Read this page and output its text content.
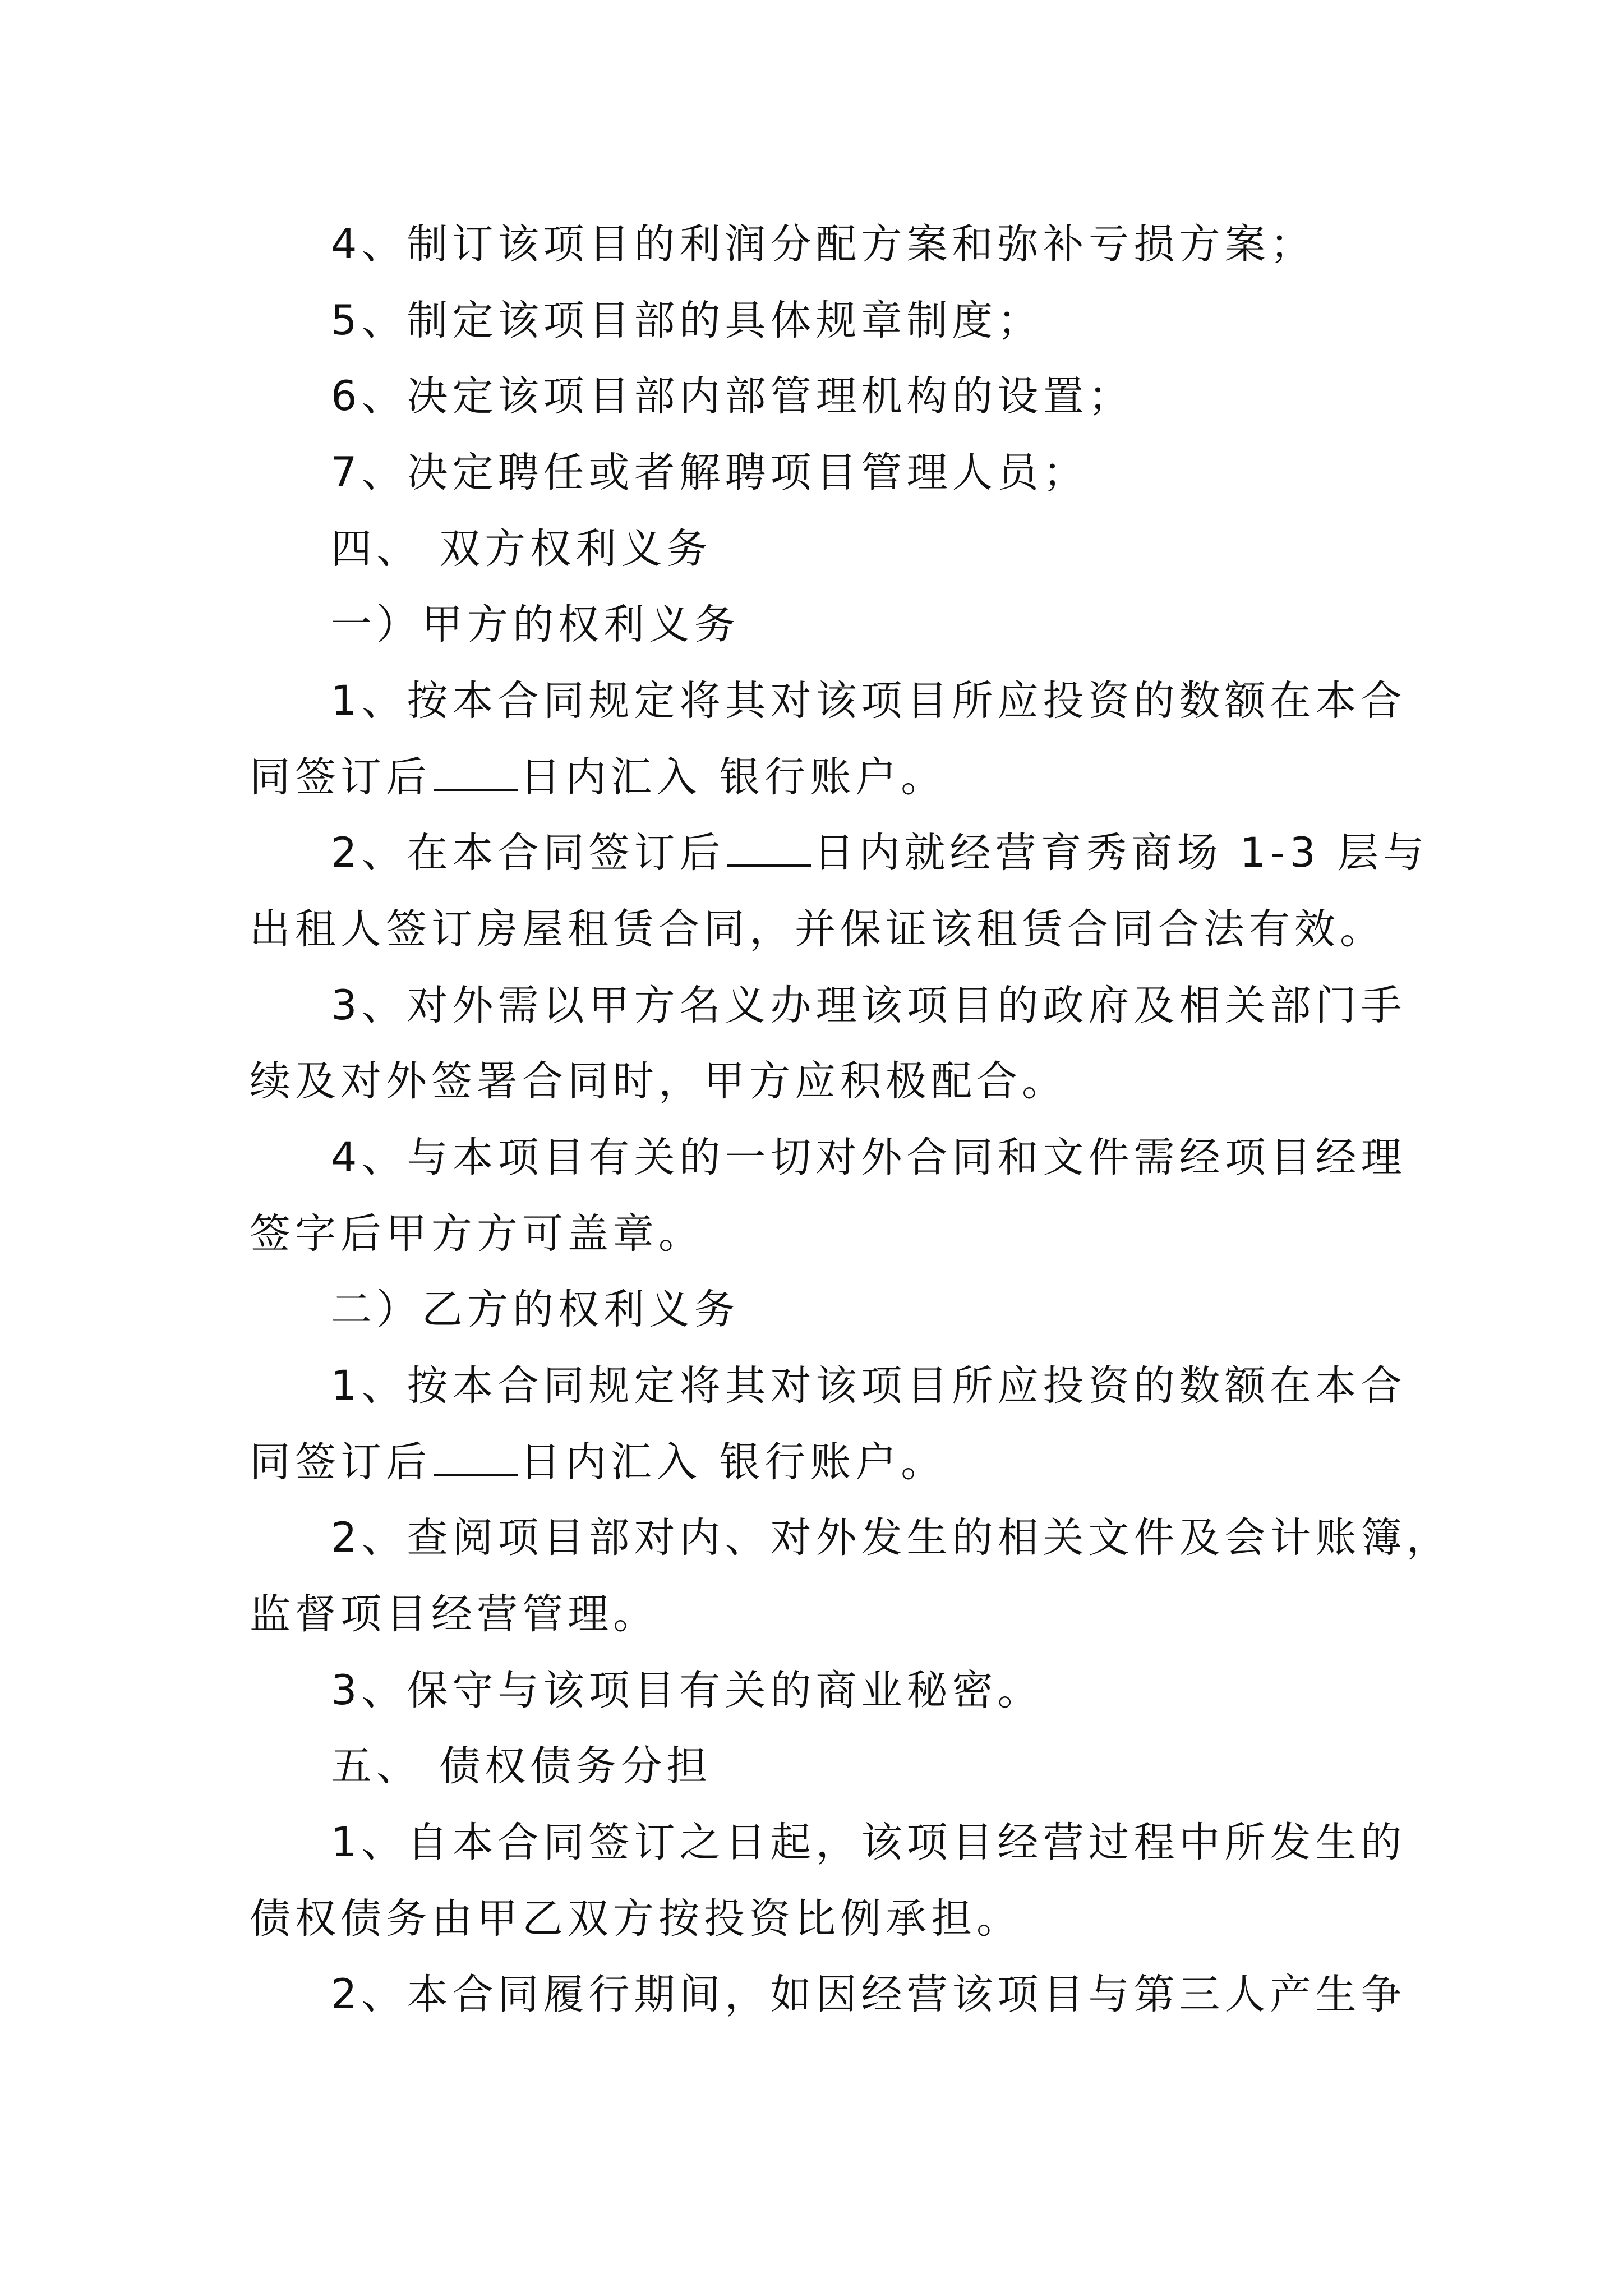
4、制订该项目的利润分配方案和弥补亏损方案；
5、制定该项目部的具体规章制度；
6、决定该项目部内部管理机构的设置；
7、决定聘任或者解聘项目管理人员；
四、 双方权利义务
一）甲方的权利义务
1、按本合同规定将其对该项目所应投资的数额在本合
同签订后 日内汇入 银行账户。
2、在本合同签订后 日内就经营育秀商场 1-3 层与
出租人签订房屋租赁合同，并保证该租赁合同合法有效。
3、对外需以甲方名义办理该项目的政府及相关部门手
续及对外签署合同时，甲方应积极配合。
4、与本项目有关的一切对外合同和文件需经项目经理
签字后甲方方可盖章。
二）乙方的权利义务
1、按本合同规定将其对该项目所应投资的数额在本合
同签订后 日内汇入 银行账户。
2、查阅项目部对内、对外发生的相关文件及会计账簿，
监督项目经营管理。
3、保守与该项目有关的商业秘密。
五、 债权债务分担
1、自本合同签订之日起，该项目经营过程中所发生的
债权债务由甲乙双方按投资比例承担。
2、本合同履行期间，如因经营该项目与第三人产生争
